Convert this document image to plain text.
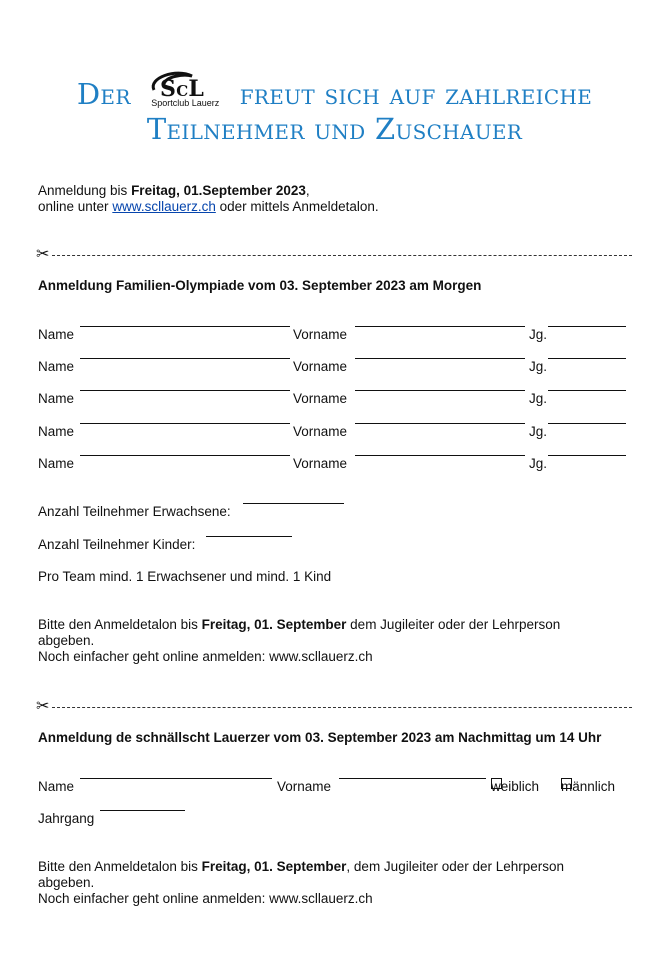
Der ScL
Sportclub Lauerz freut sich auf zahlreiche
Teilnehmer und Zuschauer
Anmeldung bis Freitag, 01.September 2023,
online unter www.scllauerz.ch oder mittels Anmeldetalon.
✂
Anmeldung Familien-Olympiade vom 03. September 2023 am Morgen
Name	Vorname	Jg.
Name	Vorname	Jg.
Name	Vorname	Jg.
Name	Vorname	Jg.
Name	Vorname	Jg.
Anzahl Teilnehmer Erwachsene:
Anzahl Teilnehmer Kinder:
Pro Team mind. 1 Erwachsener und mind. 1 Kind
Bitte den Anmeldetalon bis Freitag, 01. September dem Jugileiter oder der Lehrperson
abgeben.
Noch einfacher geht online anmelden: www.scllauerz.ch
✂
Anmeldung de schnällscht Lauerzer vom 03. September 2023 am Nachmittag um 14 Uhr
Name	Vorname	weiblich männlich
Jahrgang
Bitte den Anmeldetalon bis Freitag, 01. September, dem Jugileiter oder der Lehrperson
abgeben.
Noch einfacher geht online anmelden: www.scllauerz.ch
